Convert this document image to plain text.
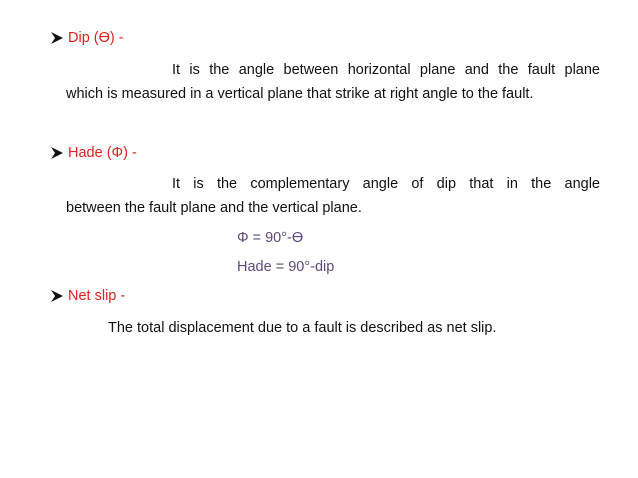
Dip (Ɵ) -
It is the angle between horizontal plane and the fault plane
which is measured in a vertical plane that strike at right angle to the fault.
Hade (Φ) -
It is the complementary angle of dip that in the angle
between the fault plane and the vertical plane.
Φ = 90°-Ɵ
Hade = 90°-dip
Net slip -
The total displacement due to a fault is described as net slip.
